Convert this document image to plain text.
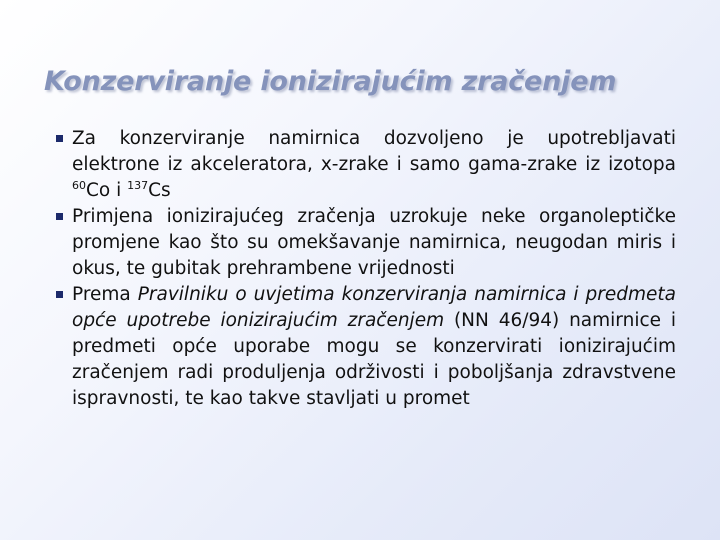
Konzerviranje ionizirajućim zračenjem
Za konzerviranje namirnica dozvoljeno je upotrebljavati elektrone iz akceleratora, x-zrake i samo gama-zrake iz izotopa $^{60}$Co i $^{137}$Cs
Primjena ionizirajućeg zračenja uzrokuje neke organoleptičke promjene kao što su omekšavanje namirnica, neugodan miris i okus, te gubitak prehrambene vrijednosti
Prema Pravilniku o uvjetima konzerviranja namirnica i predmeta opće upotrebe ionizirajućim zračenjem (NN 46/94) namirnice i predmeti opće uporabe mogu se konzervirati ionizirajućim zračenjem radi produljenja održivosti i poboljšanja zdravstvene ispravnosti, te kao takve stavljati u promet
